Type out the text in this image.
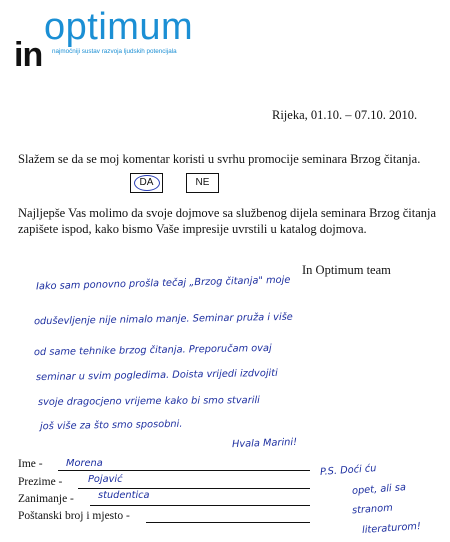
optimum
in najmočniji sustav razvoja ljudskih potencijala
Rijeka, 01.10. – 07.10. 2010.
Slažem se da se moj komentar koristi u svrhu promocije seminara Brzog čitanja.
DA	NE
Najljepše Vas molimo da svoje dojmove sa službenog dijela seminara Brzog čitanja zapišete ispod, kako bismo Vaše impresije uvrstili u katalog dojmova.
In Optimum team
Iako sam ponovno prošla tečaj „Brzog čitanja" moje
oduševljenje nije nimalo manje. Seminar pruža i više
od same tehnike brzog čitanja. Preporučam ovaj
seminar u svim pogledima. Doista vrijedi izdvojiti
svoje dragocjeno vrijeme kako bi smo stvarili
još više za što smo sposobni.
Hvala Marini!
Ime - Morena
Prezime -	Pojavić
Zanimanje - studentica
Poštanski broj i mjesto -
P.S. Doći ću
opet, ali sa
stranom
literaturom!
